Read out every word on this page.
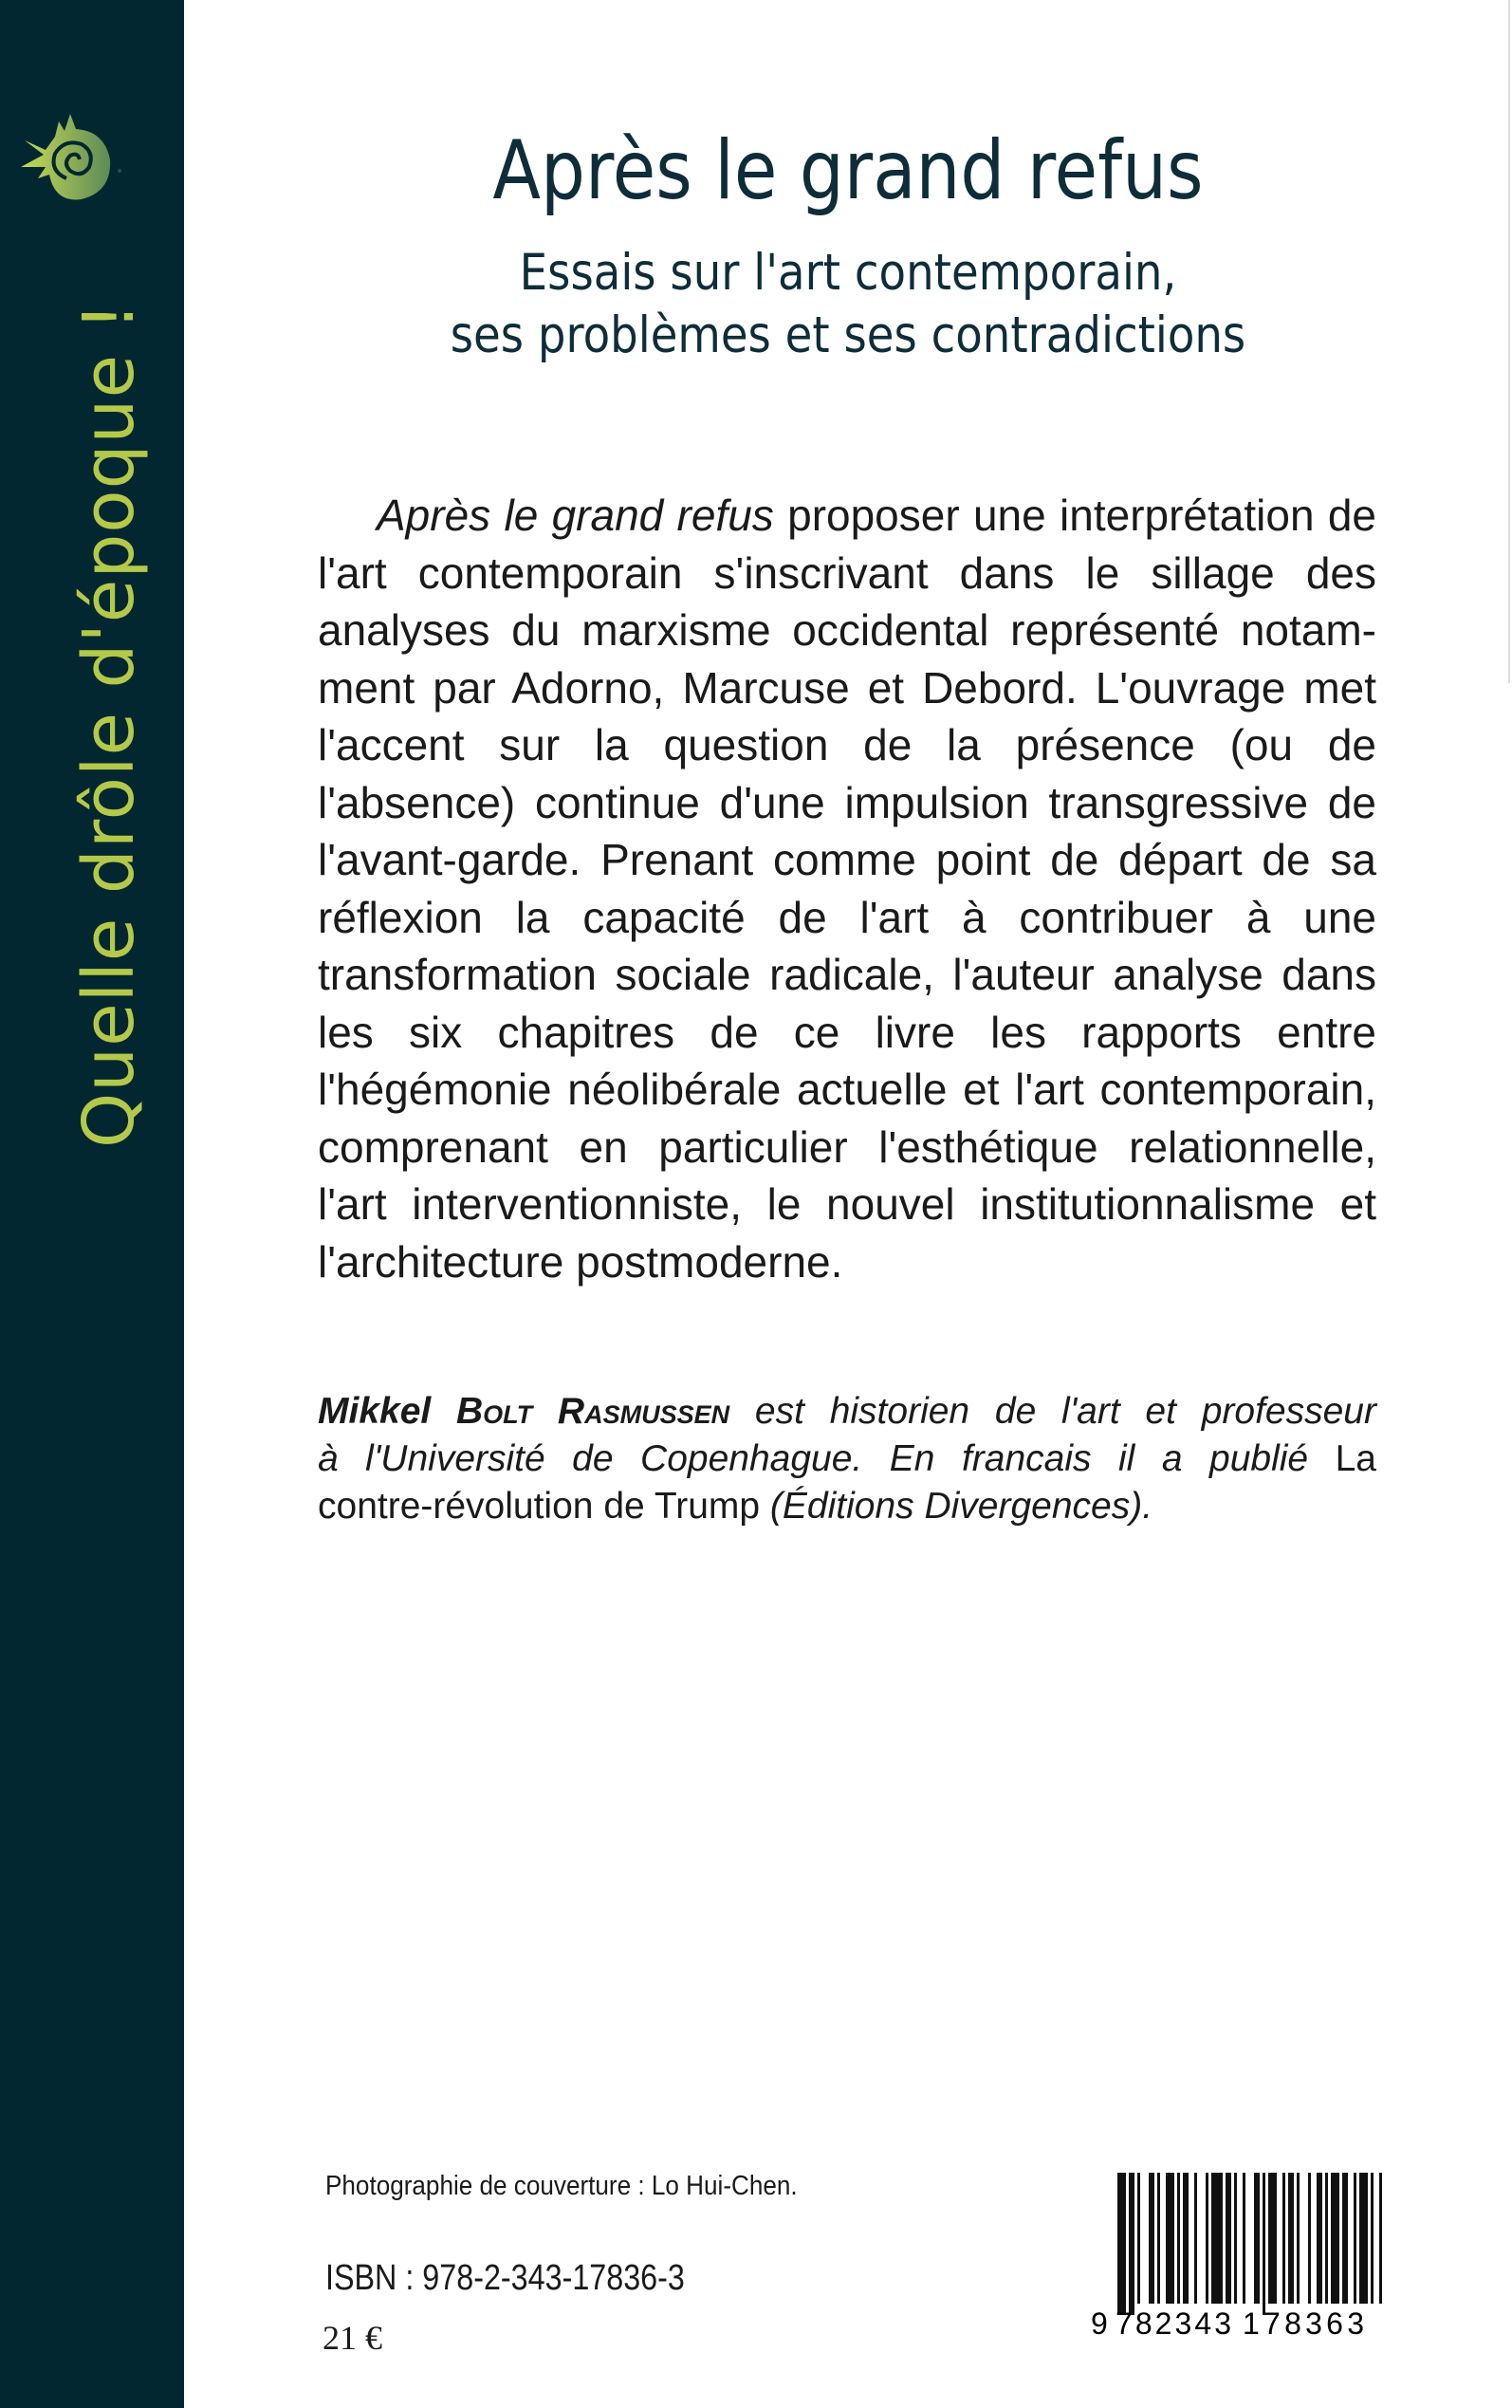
Quelle drôle d'époque !
Après le grand refus
Essais sur l'art contemporain,
ses problèmes et ses contradictions
Après le grand refus proposer une interprétation de
l'art contemporain s'inscrivant dans le sillage des
analyses du marxisme occidental représenté notam-
ment par Adorno, Marcuse et Debord. L'ouvrage met
l'accent sur la question de la présence (ou de
l'absence) continue d'une impulsion transgressive de
l'avant-garde. Prenant comme point de départ de sa
réflexion la capacité de l'art à contribuer à une
transformation sociale radicale, l'auteur analyse dans
les six chapitres de ce livre les rapports entre
l'hégémonie néolibérale actuelle et l'art contemporain,
comprenant en particulier l'esthétique relationnelle,
l'art interventionniste, le nouvel institutionnalisme et
l'architecture postmoderne.
Mikkel Bolt Rasmussen est historien de l'art et professeur
à l'Université de Copenhague. En francais il a publié La
contre-révolution de Trump (Éditions Divergences).
Photographie de couverture : Lo Hui-Chen.
ISBN : 978-2-343-17836-3
21 €	9 782343 178363
